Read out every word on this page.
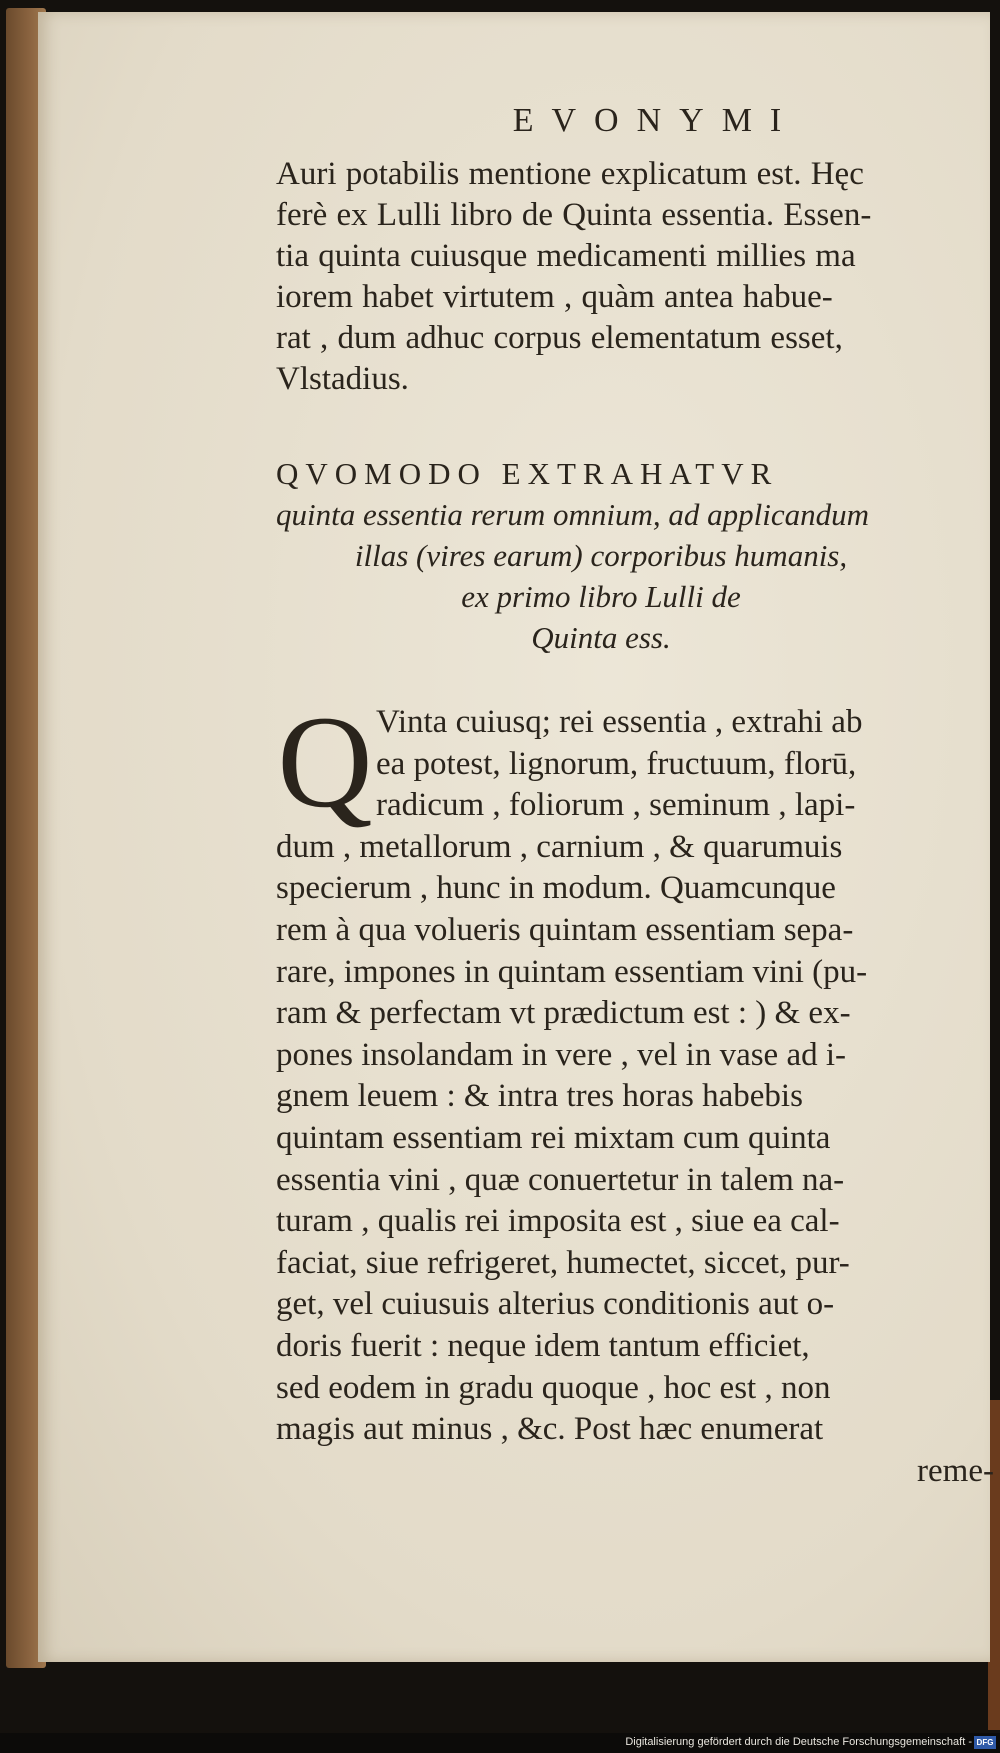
EVONYMI
Auri potabilis mentione explicatum est. Hęc
ferè ex Lulli libro de Quinta essentia. Essen-
tia quinta cuiusque medicamenti millies ma
iorem habet virtutem , quàm antea habue-
rat , dum adhuc corpus elementatum esset,
Vlstadius.
QVOMODO EXTRAHATVR
quinta essentia rerum omnium, ad applicandum
illas (vires earum) corporibus humanis,
ex primo libro Lulli de
Quinta ess.
Q Vinta cuiusq; rei essentia , extrahi ab
ea potest, lignorum, fructuum, florū,
radicum , foliorum , seminum , lapi-
dum , metallorum , carnium , & quarumuis
specierum , hunc in modum. Quamcunque
rem à qua volueris quintam essentiam sepa-
rare, impones in quintam essentiam vini (pu-
ram & perfectam vt prædictum est : ) & ex-
pones insolandam in vere , vel in vase ad i-
gnem leuem : & intra tres horas habebis
quintam essentiam rei mixtam cum quinta
essentia vini , quæ conuertetur in talem na-
turam , qualis rei imposita est , siue ea cal-
faciat, siue refrigeret, humectet, siccet, pur-
get, vel cuiusuis alterius conditionis aut o-
doris fuerit : neque idem tantum efficiet,
sed eodem in gradu quoque , hoc est , non
magis aut minus , &c. Post hæc enumerat
reme-
Digitalisierung gefördert durch die Deutsche Forschungsgemeinschaft - DFG
